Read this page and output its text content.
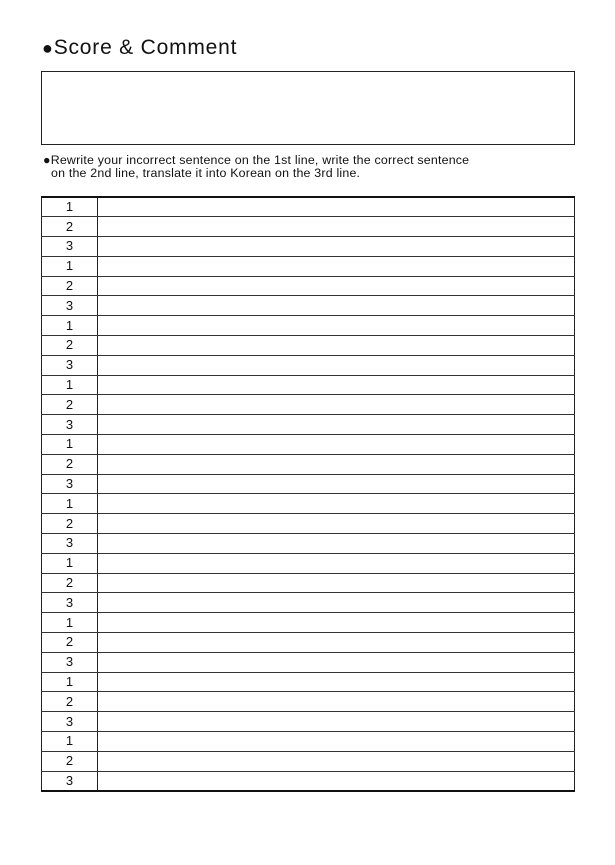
●Score & Comment
●Rewrite your incorrect sentence on the 1st line, write the correct sentence
on the 2nd line, translate it into Korean on the 3rd line.
1	
2	
3	
1	
2	
3	
1	
2	
3	
1	
2	
3	
1	
2	
3	
1	
2	
3	
1	
2	
3	
1	
2	
3	
1	
2	
3	
1	
2	
3	
